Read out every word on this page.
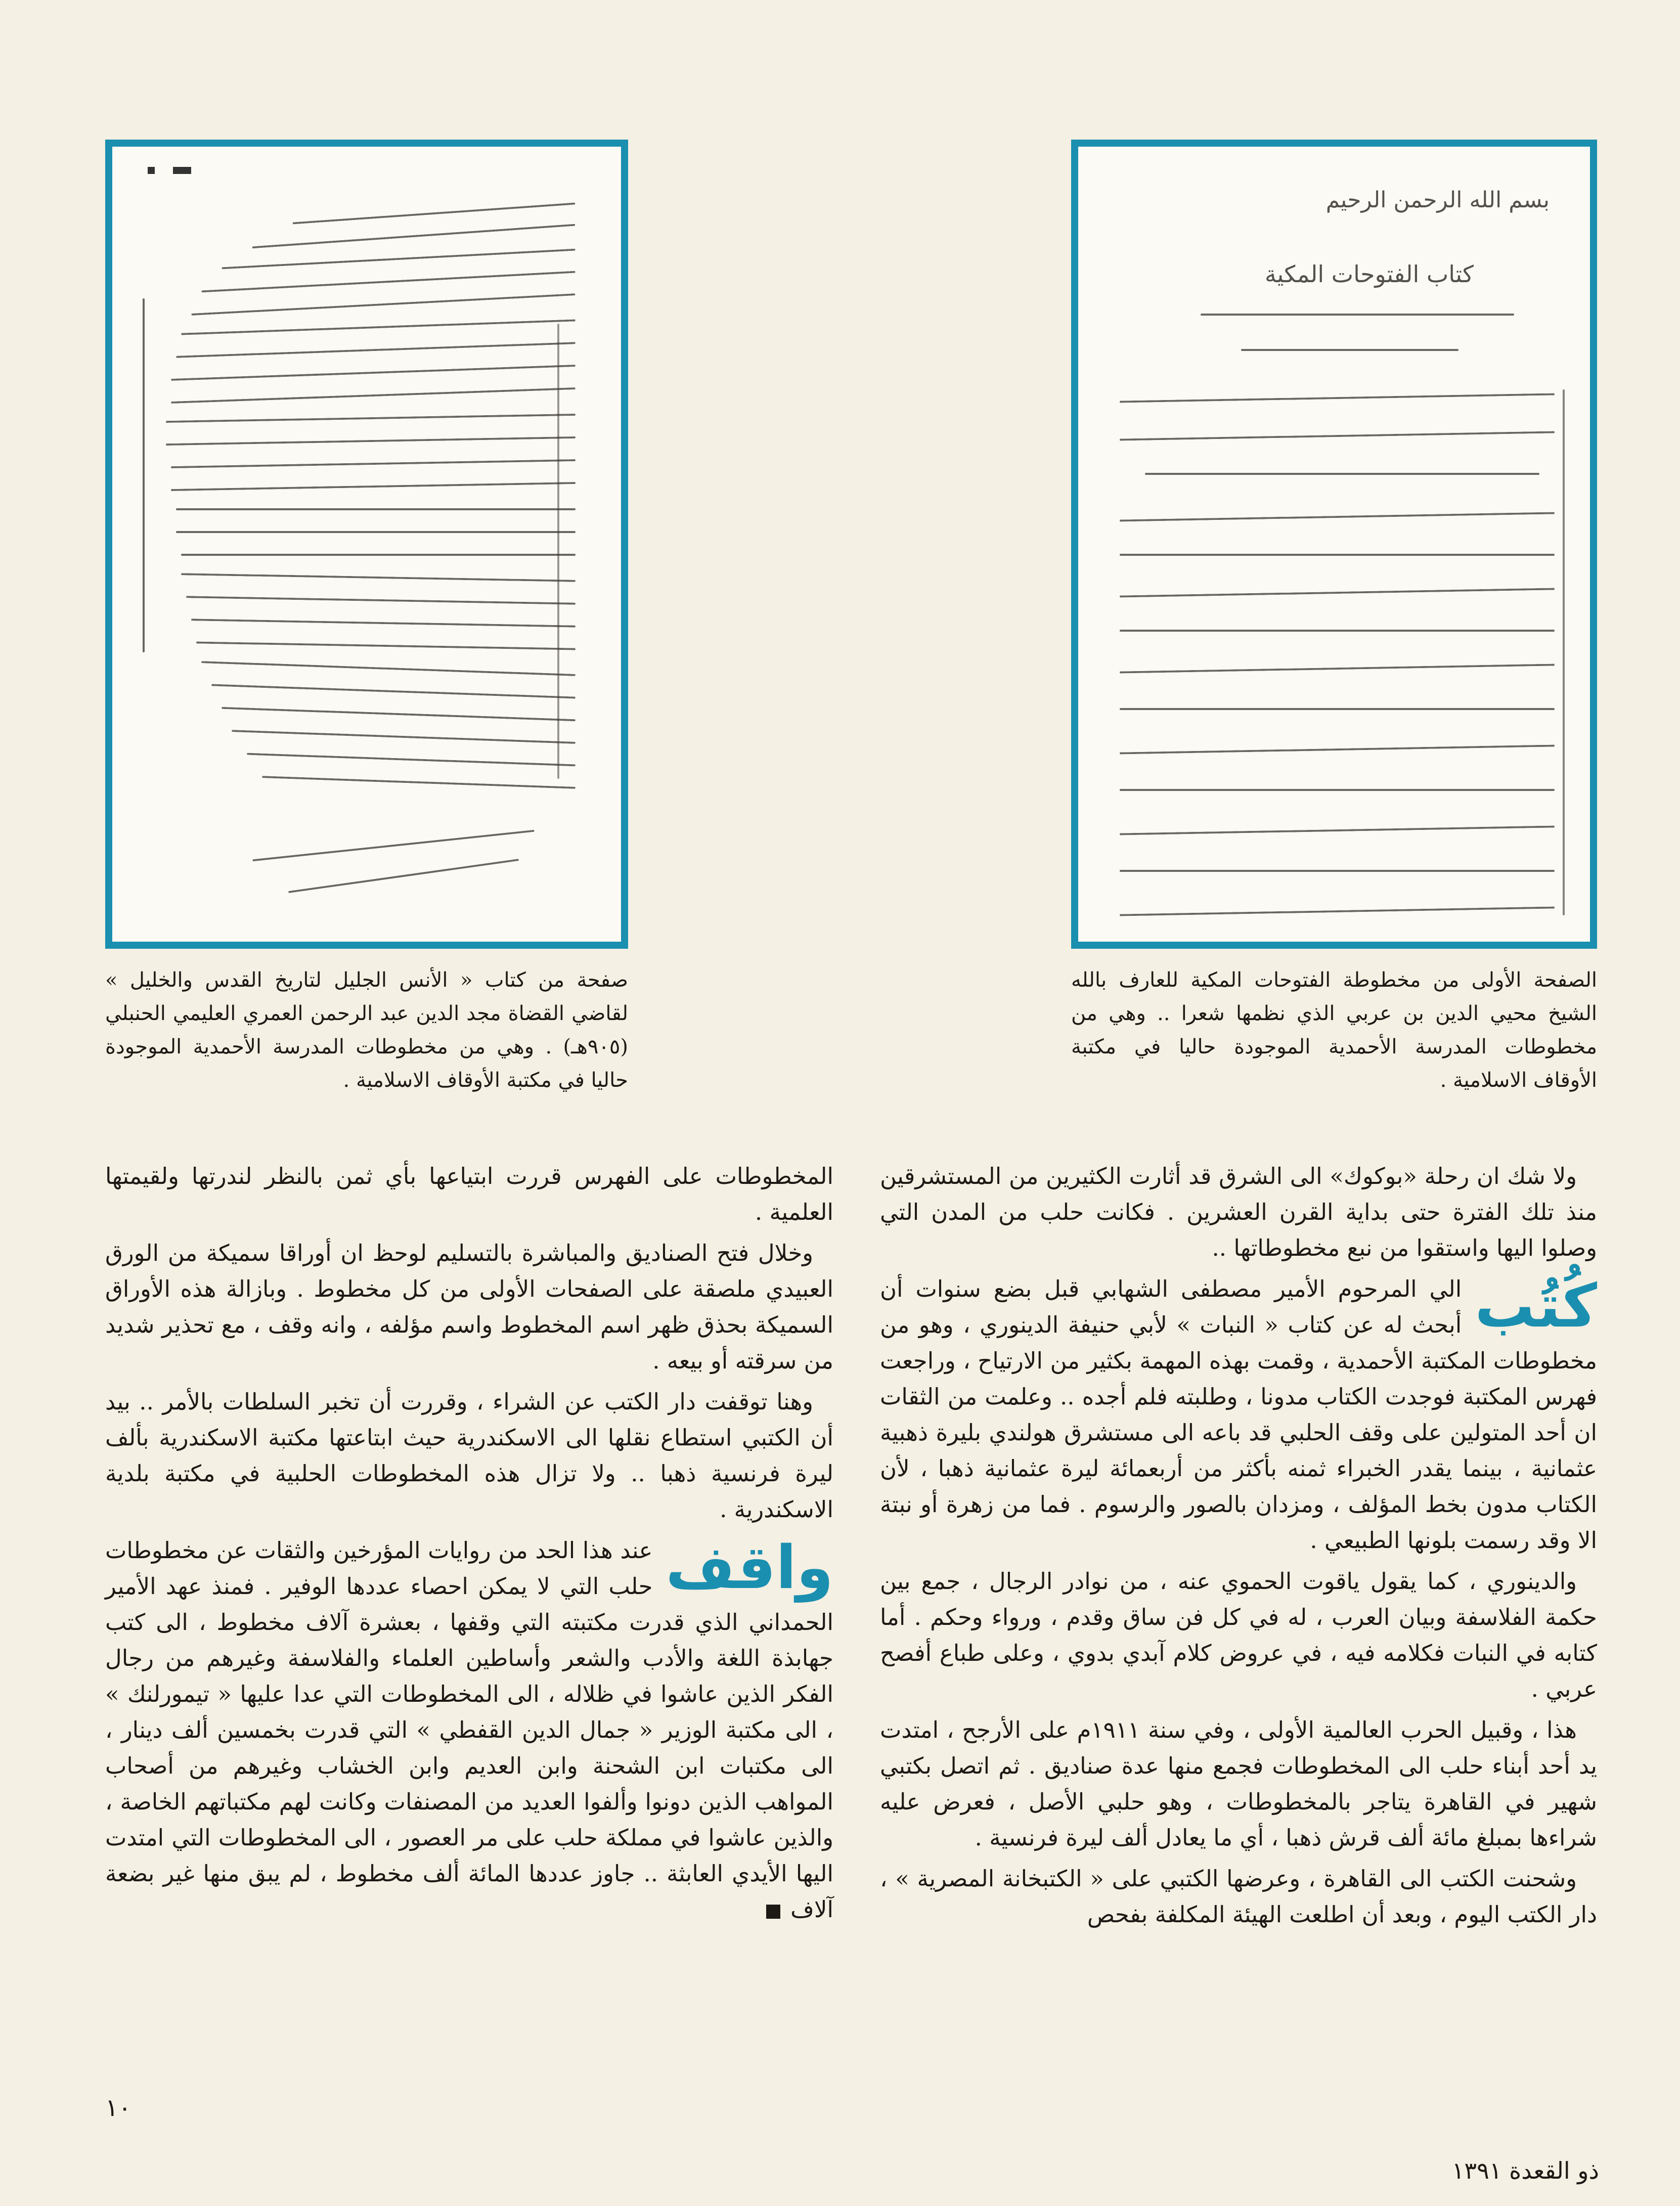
بسم الله الرحمن الرحيم
كتاب الفتوحات المكية

صفحة من كتاب « الأنس الجليل لتاريخ القدس والخليل » لقاضي القضاة مجد الدين عبد الرحمن العمري العليمي الحنبلي (٩٠٥هـ) . وهي من مخطوطات المدرسة الأحمدية الموجودة حاليا في مكتبة الأوقاف الاسلامية .

الصفحة الأولى من مخطوطة الفتوحات المكية للعارف بالله الشيخ محيي الدين بن عربي الذي نظمها شعرا .. وهي من مخطوطات المدرسة الأحمدية الموجودة حاليا في مكتبة الأوقاف الاسلامية .

ولا شك ان رحلة «بوكوك» الى الشرق قد أثارت الكثيرين من المستشرقين منذ تلك الفترة حتى بداية القرن العشرين . فكانت حلب من المدن التي وصلوا اليها واستقوا من نبع مخطوطاتها ..

كُتُب
الي المرحوم الأمير مصطفى الشهابي قبل بضع سنوات أن أبحث له عن كتاب « النبات » لأبي حنيفة الدينوري ، وهو من مخطوطات المكتبة الأحمدية ، وقمت بهذه المهمة بكثير من الارتياح ، وراجعت فهرس المكتبة فوجدت الكتاب مدونا ، وطلبته فلم أجده .. وعلمت من الثقات ان أحد المتولين على وقف الحلبي قد باعه الى مستشرق هولندي بليرة ذهبية عثمانية ، بينما يقدر الخبراء ثمنه بأكثر من أربعمائة ليرة عثمانية ذهبا ، لأن الكتاب مدون بخط المؤلف ، ومزدان بالصور والرسوم . فما من زهرة أو نبتة الا وقد رسمت بلونها الطبيعي .

والدينوري ، كما يقول ياقوت الحموي عنه ، من نوادر الرجال ، جمع بين حكمة الفلاسفة وبيان العرب ، له في كل فن ساق وقدم ، ورواء وحكم . أما كتابه في النبات فكلامه فيه ، في عروض كلام آبدي بدوي ، وعلى طباع أفصح عربي .

هذا ، وقبيل الحرب العالمية الأولى ، وفي سنة ١٩١١م على الأرجح ، امتدت يد أحد أبناء حلب الى المخطوطات فجمع منها عدة صناديق . ثم اتصل بكتبي شهير في القاهرة يتاجر بالمخطوطات ، وهو حلبي الأصل ، فعرض عليه شراءها بمبلغ مائة ألف قرش ذهبا ، أي ما يعادل ألف ليرة فرنسية .

وشحنت الكتب الى القاهرة ، وعرضها الكتبي على « الكتبخانة المصرية » ، دار الكتب اليوم ، وبعد أن اطلعت الهيئة المكلفة بفحص

المخطوطات على الفهرس قررت ابتياعها بأي ثمن بالنظر لندرتها ولقيمتها العلمية .

وخلال فتح الصناديق والمباشرة بالتسليم لوحظ ان أوراقا سميكة من الورق العبيدي ملصقة على الصفحات الأولى من كل مخطوط . وبازالة هذه الأوراق السميكة بحذق ظهر اسم المخطوط واسم مؤلفه ، وانه وقف ، مع تحذير شديد من سرقته أو بيعه .

وهنا توقفت دار الكتب عن الشراء ، وقررت أن تخبر السلطات بالأمر .. بيد أن الكتبي استطاع نقلها الى الاسكندرية حيث ابتاعتها مكتبة الاسكندرية بألف ليرة فرنسية ذهبا .. ولا تزال هذه المخطوطات الحلبية في مكتبة بلدية الاسكندرية .

واقف
عند هذا الحد من روايات المؤرخين والثقات عن مخطوطات حلب التي لا يمكن احصاء عددها الوفير . فمنذ عهد الأمير الحمداني الذي قدرت مكتبته التي وقفها ، بعشرة آلاف مخطوط ، الى كتب جهابذة اللغة والأدب والشعر وأساطين العلماء والفلاسفة وغيرهم من رجال الفكر الذين عاشوا في ظلاله ، الى المخطوطات التي عدا عليها « تيمورلنك » ، الى مكتبة الوزير « جمال الدين القفطي » التي قدرت بخمسين ألف دينار ، الى مكتبات ابن الشحنة وابن العديم وابن الخشاب وغيرهم من أصحاب المواهب الذين دونوا وألفوا العديد من المصنفات وكانت لهم مكتباتهم الخاصة ، والذين عاشوا في مملكة حلب على مر العصور ، الى المخطوطات التي امتدت اليها الأيدي العابثة .. جاوز عددها المائة ألف مخطوط ، لم يبق منها غير بضعة آلاف

١٠
ذو القعدة ١٣٩١
